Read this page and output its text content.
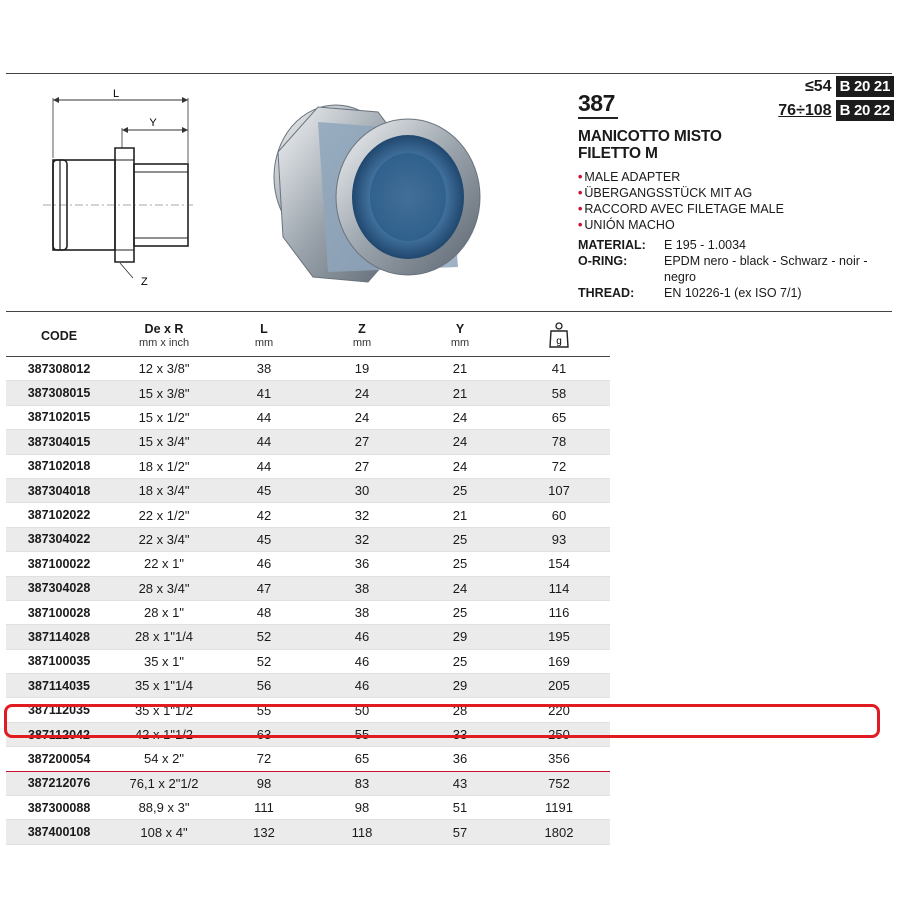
L
Y
Z
387
≤54 B 20 21
76÷108 B 20 22
MANICOTTO MISTO
FILETTO M
• MALE ADAPTER
• ÜBERGANGSSTÜCK MIT AG
• RACCORD AVEC FILETAGE MALE
• UNIÓN MACHO
MATERIAL:	E 195 - 1.0034
O-RING:	EPDM nero - black - Schwarz - noir - negro
THREAD:	EN 10226-1 (ex ISO 7/1)
CODE	De x R
mm x inch
L
mm
Z
mm
Y
mm	g
387308012	12 x 3/8"	38	19	21	41
387308015	15 x 3/8"	41	24	21	58
387102015	15 x 1/2"	44	24	24	65
387304015	15 x 3/4"	44	27	24	78
387102018	18 x 1/2"	44	27	24	72
387304018	18 x 3/4"	45	30	25	107
387102022	22 x 1/2"	42	32	21	60
387304022	22 x 3/4"	45	32	25	93
387100022	22 x 1"	46	36	25	154
387304028	28 x 3/4"	47	38	24	114
387100028	28 x 1"	48	38	25	116
387114028	28 x 1"1/4	52	46	29	195
387100035	35 x 1"	52	46	25	169
387114035	35 x 1"1/4	56	46	29	205
387112035	35 x 1"1/2	55	50	28	220
387112042	42 x 1"1/2	63	55	33	250
387200054	54 x 2"	72	65	36	356
387212076	76,1 x 2"1/2	98	83	43	752
387300088	88,9 x 3"	111	98	51	1191
387400108	108 x 4"	132	118	57	1802
